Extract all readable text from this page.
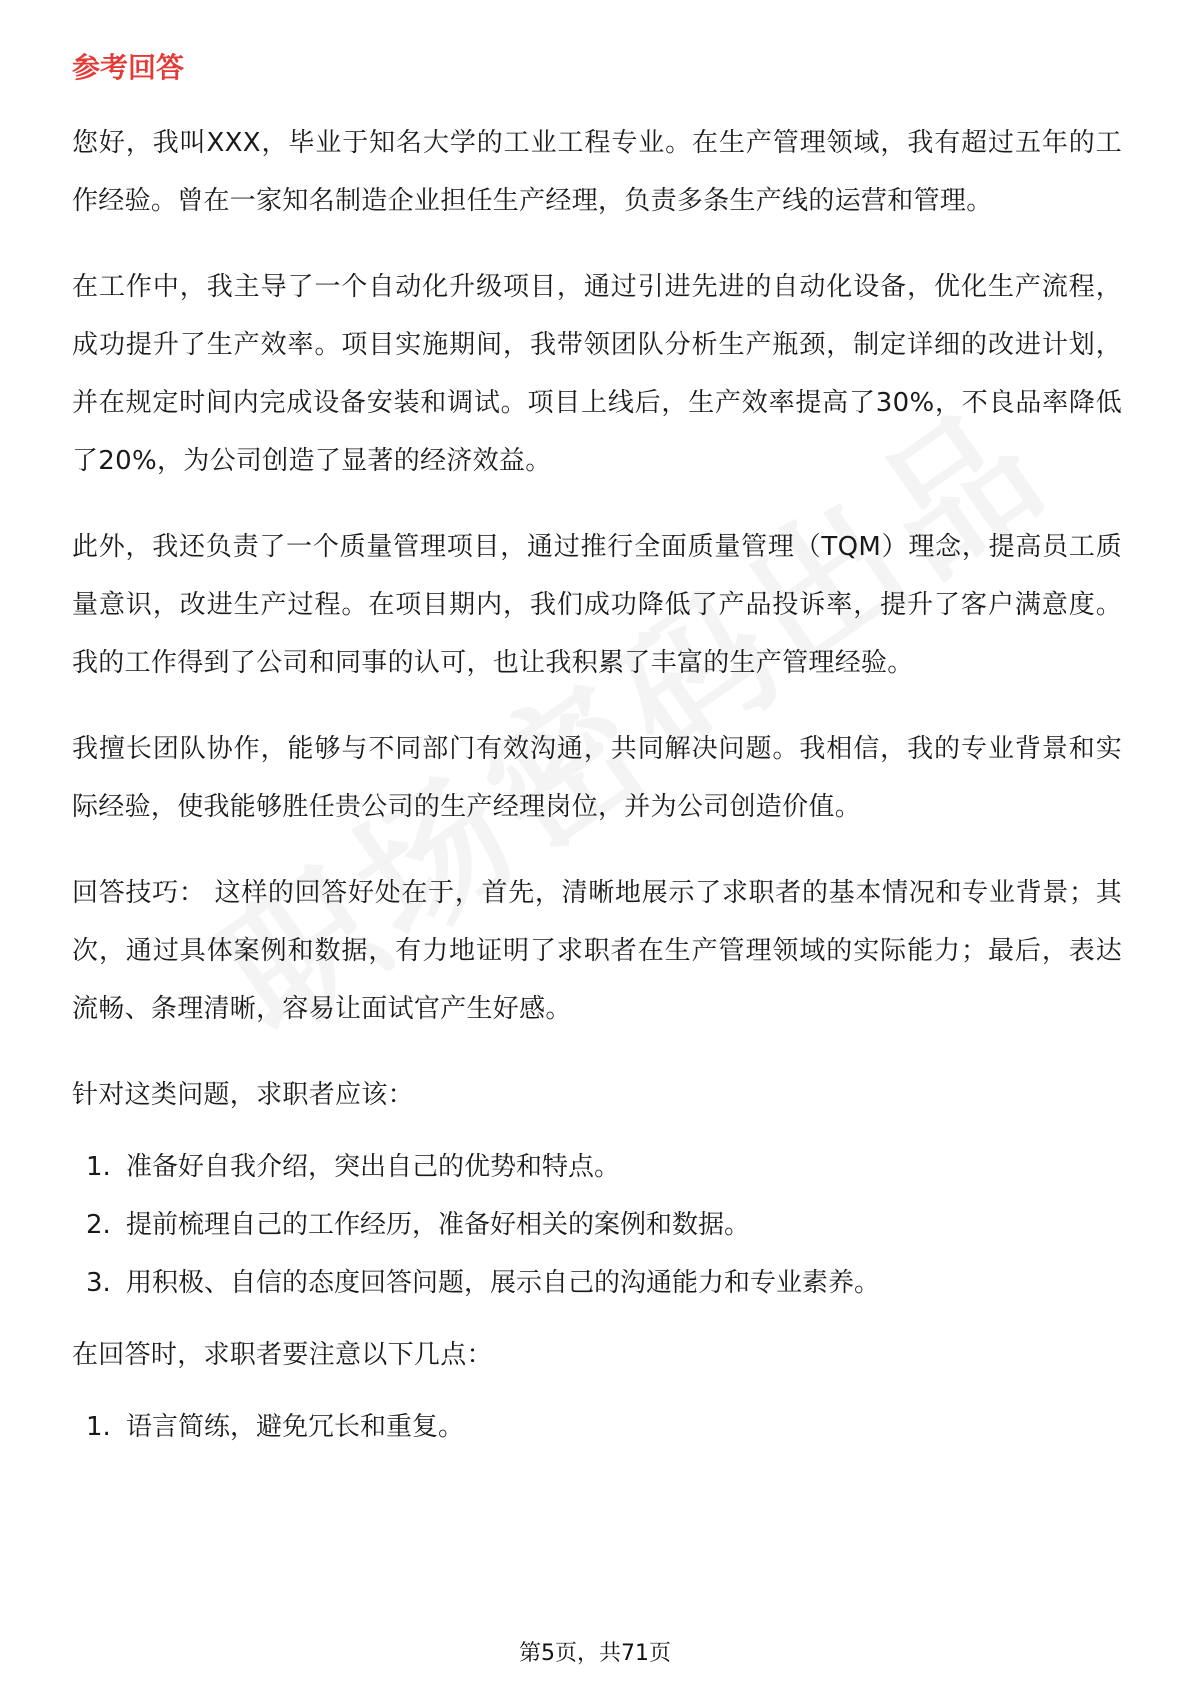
参考回答

您好，我叫XXX，毕业于知名大学的工业工程专业。在生产管理领域，我有超过五年的工作经验。曾在一家知名制造企业担任生产经理，负责多条生产线的运营和管理。

在工作中，我主导了一个自动化升级项目，通过引进先进的自动化设备，优化生产流程，成功提升了生产效率。项目实施期间，我带领团队分析生产瓶颈，制定详细的改进计划，并在规定时间内完成设备安装和调试。项目上线后，生产效率提高了30%，不良品率降低了20%，为公司创造了显著的经济效益。

此外，我还负责了一个质量管理项目，通过推行全面质量管理（TQM）理念，提高员工质量意识，改进生产过程。在项目期内，我们成功降低了产品投诉率，提升了客户满意度。我的工作得到了公司和同事的认可，也让我积累了丰富的生产管理经验。

我擅长团队协作，能够与不同部门有效沟通，共同解决问题。我相信，我的专业背景和实际经验，使我能够胜任贵公司的生产经理岗位，并为公司创造价值。

回答技巧： 这样的回答好处在于，首先，清晰地展示了求职者的基本情况和专业背景；其次，通过具体案例和数据，有力地证明了求职者在生产管理领域的实际能力；最后，表达流畅、条理清晰，容易让面试官产生好感。

针对这类问题，求职者应该：

1. 准备好自我介绍，突出自己的优势和特点。
2. 提前梳理自己的工作经历，准备好相关的案例和数据。
3. 用积极、自信的态度回答问题，展示自己的沟通能力和专业素养。

在回答时，求职者要注意以下几点：

1. 语言简练，避免冗长和重复。
第5页，共71页
